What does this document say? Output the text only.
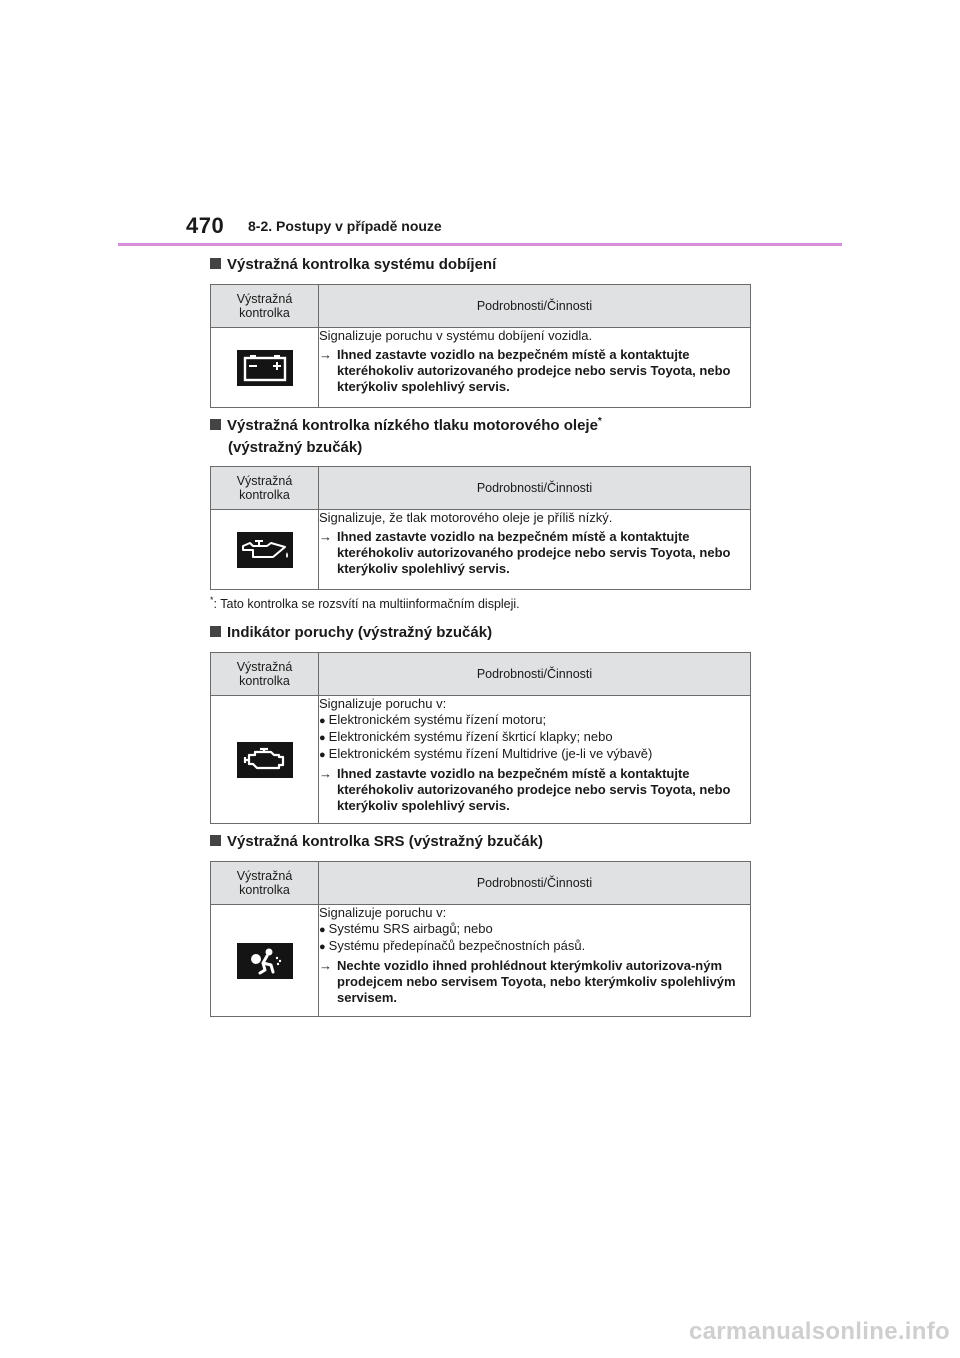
470 8-2. Postupy v případě nouze
Výstražná kontrolka systému dobíjení
Výstražná kontrolka	Podrobnosti/Činnosti

Signalizuje poruchu v systému dobíjení vozidla.
→ Ihned zastavte vozidlo na bezpečném místě a kontaktujte kteréhokoliv autorizovaného prodejce nebo servis Toyota, nebo kterýkoliv spolehlivý servis.
Výstražná kontrolka nízkého tlaku motorového oleje*
(výstražný bzučák)
Výstražná kontrolka	Podrobnosti/Činnosti

Signalizuje, že tlak motorového oleje je příliš nízký.
→ Ihned zastavte vozidlo na bezpečném místě a kontaktujte kteréhokoliv autorizovaného prodejce nebo servis Toyota, nebo kterýkoliv spolehlivý servis.
*: Tato kontrolka se rozsvítí na multiinformačním displeji.
Indikátor poruchy (výstražný bzučák)
Výstražná kontrolka	Podrobnosti/Činnosti

Signalizuje poruchu v:
● Elektronickém systému řízení motoru;
● Elektronickém systému řízení škrticí klapky; nebo
● Elektronickém systému řízení Multidrive (je-li ve výbavě)
→ Ihned zastavte vozidlo na bezpečném místě a kontaktujte kteréhokoliv autorizovaného prodejce nebo servis Toyota, nebo kterýkoliv spolehlivý servis.
Výstražná kontrolka SRS (výstražný bzučák)
Výstražná kontrolka	Podrobnosti/Činnosti

Signalizuje poruchu v:
● Systému SRS airbagů; nebo
● Systému předepínačů bezpečnostních pásů.
→ Nechte vozidlo ihned prohlédnout kterýmkoliv autorizova-ným prodejcem nebo servisem Toyota, nebo kterýmkoliv spolehlivým servisem.
carmanualsonline.info
